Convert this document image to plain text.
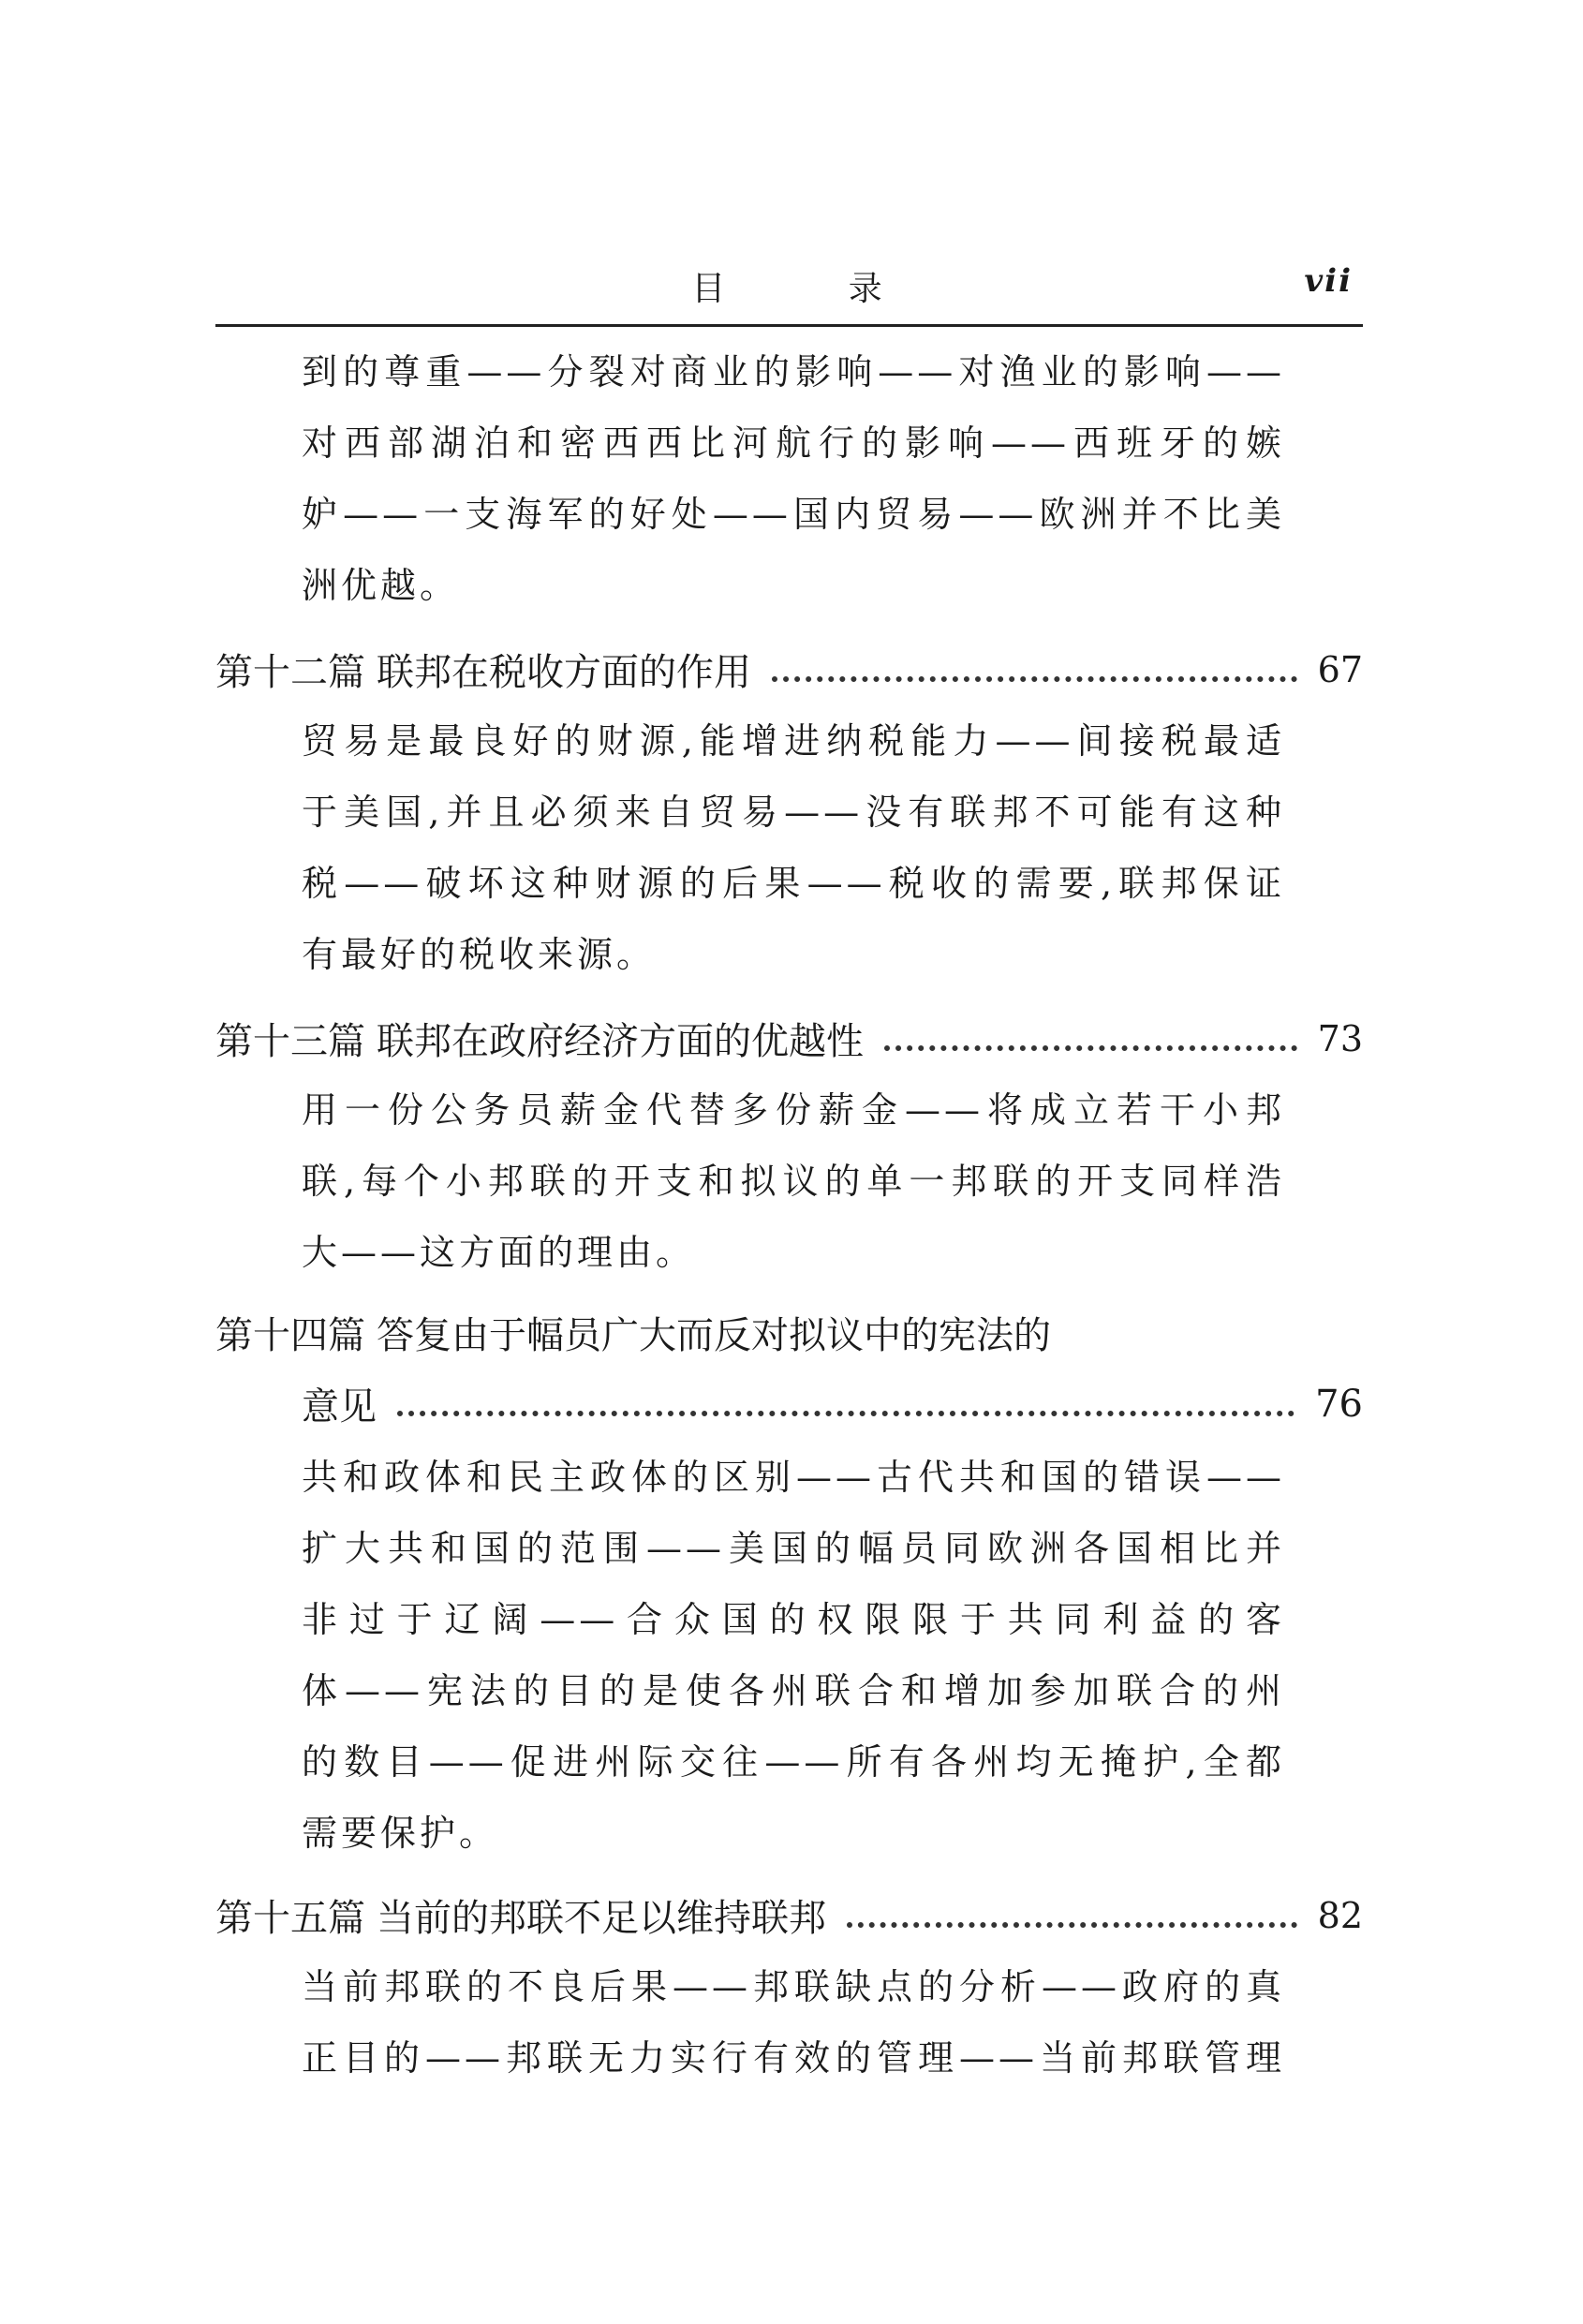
目 录	vii
到的尊重——分裂对商业的影响——对渔业的影响——
对西部湖泊和密西西比河航行的影响——西班牙的嫉
妒——一支海军的好处——国内贸易——欧洲并不比美
洲优越。
第十二篇 联邦在税收方面的作用	67
贸易是最良好的财源,能增进纳税能力——间接税最适
于美国,并且必须来自贸易——没有联邦不可能有这种
税——破坏这种财源的后果——税收的需要,联邦保证
有最好的税收来源。
第十三篇 联邦在政府经济方面的优越性	73
用一份公务员薪金代替多份薪金——将成立若干小邦
联,每个小邦联的开支和拟议的单一邦联的开支同样浩
大——这方面的理由。
第十四篇 答复由于幅员广大而反对拟议中的宪法的
意见	76
共和政体和民主政体的区别——古代共和国的错误——
扩大共和国的范围——美国的幅员同欧洲各国相比并
非过于辽阔——合众国的权限限于共同利益的客
体——宪法的目的是使各州联合和增加参加联合的州
的数目——促进州际交往——所有各州均无掩护,全都
需要保护。
第十五篇 当前的邦联不足以维持联邦	82
当前邦联的不良后果——邦联缺点的分析——政府的真
正目的——邦联无力实行有效的管理——当前邦联管理
